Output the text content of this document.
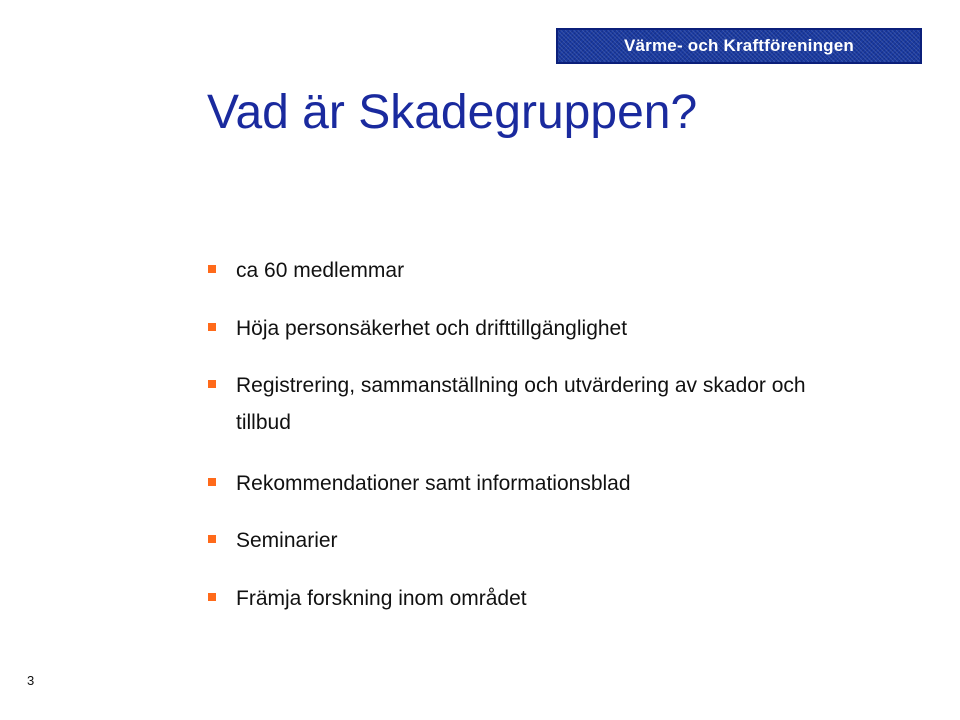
Värme- och Kraftföreningen
Vad är Skadegruppen?
ca 60 medlemmar
Höja personsäkerhet och drifttillgänglighet
Registrering, sammanställning och utvärdering av skador och tillbud
Rekommendationer samt informationsblad
Seminarier
Främja forskning inom området
3
